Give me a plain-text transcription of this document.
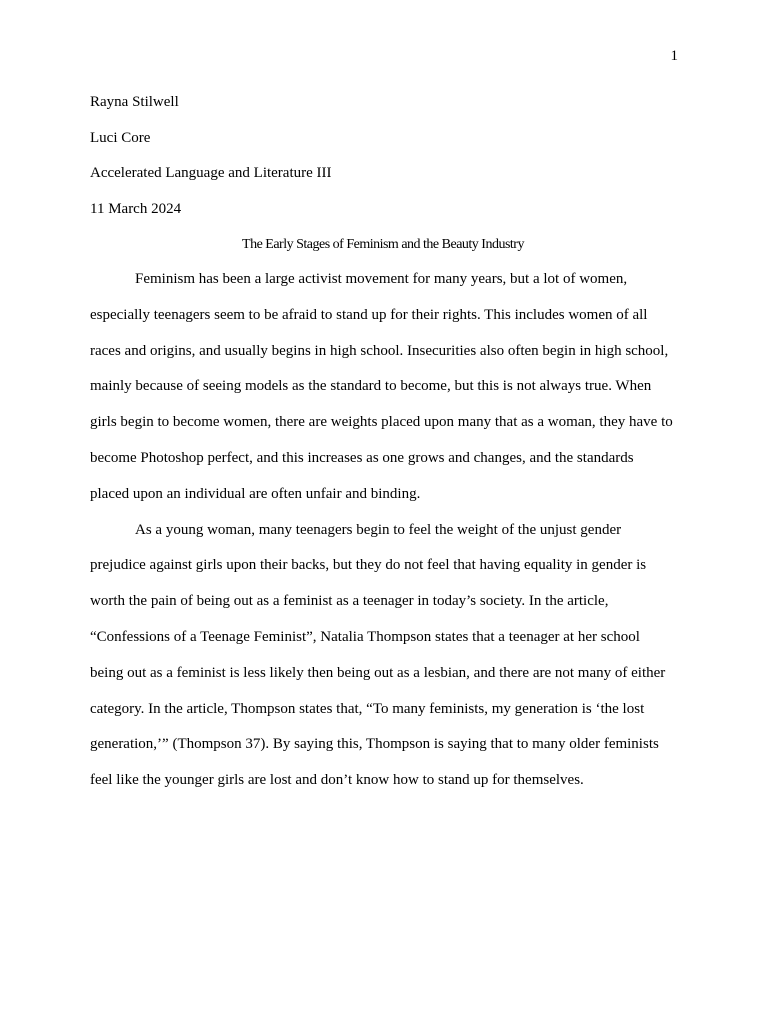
1
Rayna Stilwell
Luci Core
Accelerated Language and Literature III
11 March 2024
The Early Stages of Feminism and the Beauty Industry
Feminism has been a large activist movement for many years, but a lot of women,
especially teenagers seem to be afraid to stand up for their rights. This includes women of all
races and origins, and usually begins in high school. Insecurities also often begin in high school,
mainly because of seeing models as the standard to become, but this is not always true. When
girls begin to become women, there are weights placed upon many that as a woman, they have to
become Photoshop perfect, and this increases as one grows and changes, and the standards
placed upon an individual are often unfair and binding.
As a young woman, many teenagers begin to feel the weight of the unjust gender
prejudice against girls upon their backs, but they do not feel that having equality in gender is
worth the pain of being out as a feminist as a teenager in today’s society. In the article,
“Confessions of a Teenage Feminist”, Natalia Thompson states that a teenager at her school
being out as a feminist is less likely then being out as a lesbian, and there are not many of either
category. In the article, Thompson states that, “To many feminists, my generation is ‘the lost
generation,’” (Thompson 37). By saying this, Thompson is saying that to many older feminists
feel like the younger girls are lost and don’t know how to stand up for themselves.
